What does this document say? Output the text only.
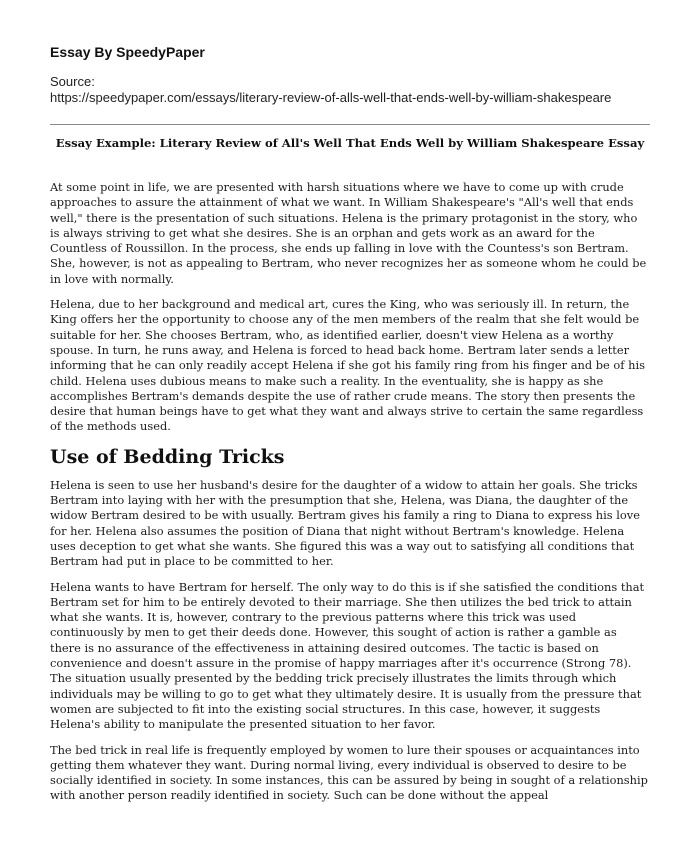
Essay By SpeedyPaper
Source:
https://speedypaper.com/essays/literary-review-of-alls-well-that-ends-well-by-william-shakespeare
Essay Example: Literary Review of All's Well That Ends Well by William Shakespeare Essay

At some point in life, we are presented with harsh situations where we have to come up with crude approaches to assure the attainment of what we want. In William Shakespeare's "All's well that ends well," there is the presentation of such situations. Helena is the primary protagonist in the story, who is always striving to get what she desires. She is an orphan and gets work as an award for the Countless of Roussillon. In the process, she ends up falling in love with the Countess's son Bertram. She, however, is not as appealing to Bertram, who never recognizes her as someone whom he could be in love with normally.

Helena, due to her background and medical art, cures the King, who was seriously ill. In return, the King offers her the opportunity to choose any of the men members of the realm that she felt would be suitable for her. She chooses Bertram, who, as identified earlier, doesn't view Helena as a worthy spouse. In turn, he runs away, and Helena is forced to head back home. Bertram later sends a letter informing that he can only readily accept Helena if she got his family ring from his finger and be of his child. Helena uses dubious means to make such a reality. In the eventuality, she is happy as she accomplishes Bertram's demands despite the use of rather crude means. The story then presents the desire that human beings have to get what they want and always strive to certain the same regardless of the methods used.

Use of Bedding Tricks

Helena is seen to use her husband's desire for the daughter of a widow to attain her goals. She tricks Bertram into laying with her with the presumption that she, Helena, was Diana, the daughter of the widow Bertram desired to be with usually. Bertram gives his family a ring to Diana to express his love for her. Helena also assumes the position of Diana that night without Bertram's knowledge. Helena uses deception to get what she wants. She figured this was a way out to satisfying all conditions that Bertram had put in place to be committed to her.

Helena wants to have Bertram for herself. The only way to do this is if she satisfied the conditions that Bertram set for him to be entirely devoted to their marriage. She then utilizes the bed trick to attain what she wants. It is, however, contrary to the previous patterns where this trick was used continuously by men to get their deeds done. However, this sought of action is rather a gamble as there is no assurance of the effectiveness in attaining desired outcomes. The tactic is based on convenience and doesn't assure in the promise of happy marriages after it's occurrence (Strong 78). The situation usually presented by the bedding trick precisely illustrates the limits through which individuals may be willing to go to get what they ultimately desire. It is usually from the pressure that women are subjected to fit into the existing social structures. In this case, however, it suggests Helena's ability to manipulate the presented situation to her favor.

The bed trick in real life is frequently employed by women to lure their spouses or acquaintances into getting them whatever they want. During normal living, every individual is observed to desire to be socially identified in society. In some instances, this can be assured by being in sought of a relationship with another person readily identified in society. Such can be done without the appeal
